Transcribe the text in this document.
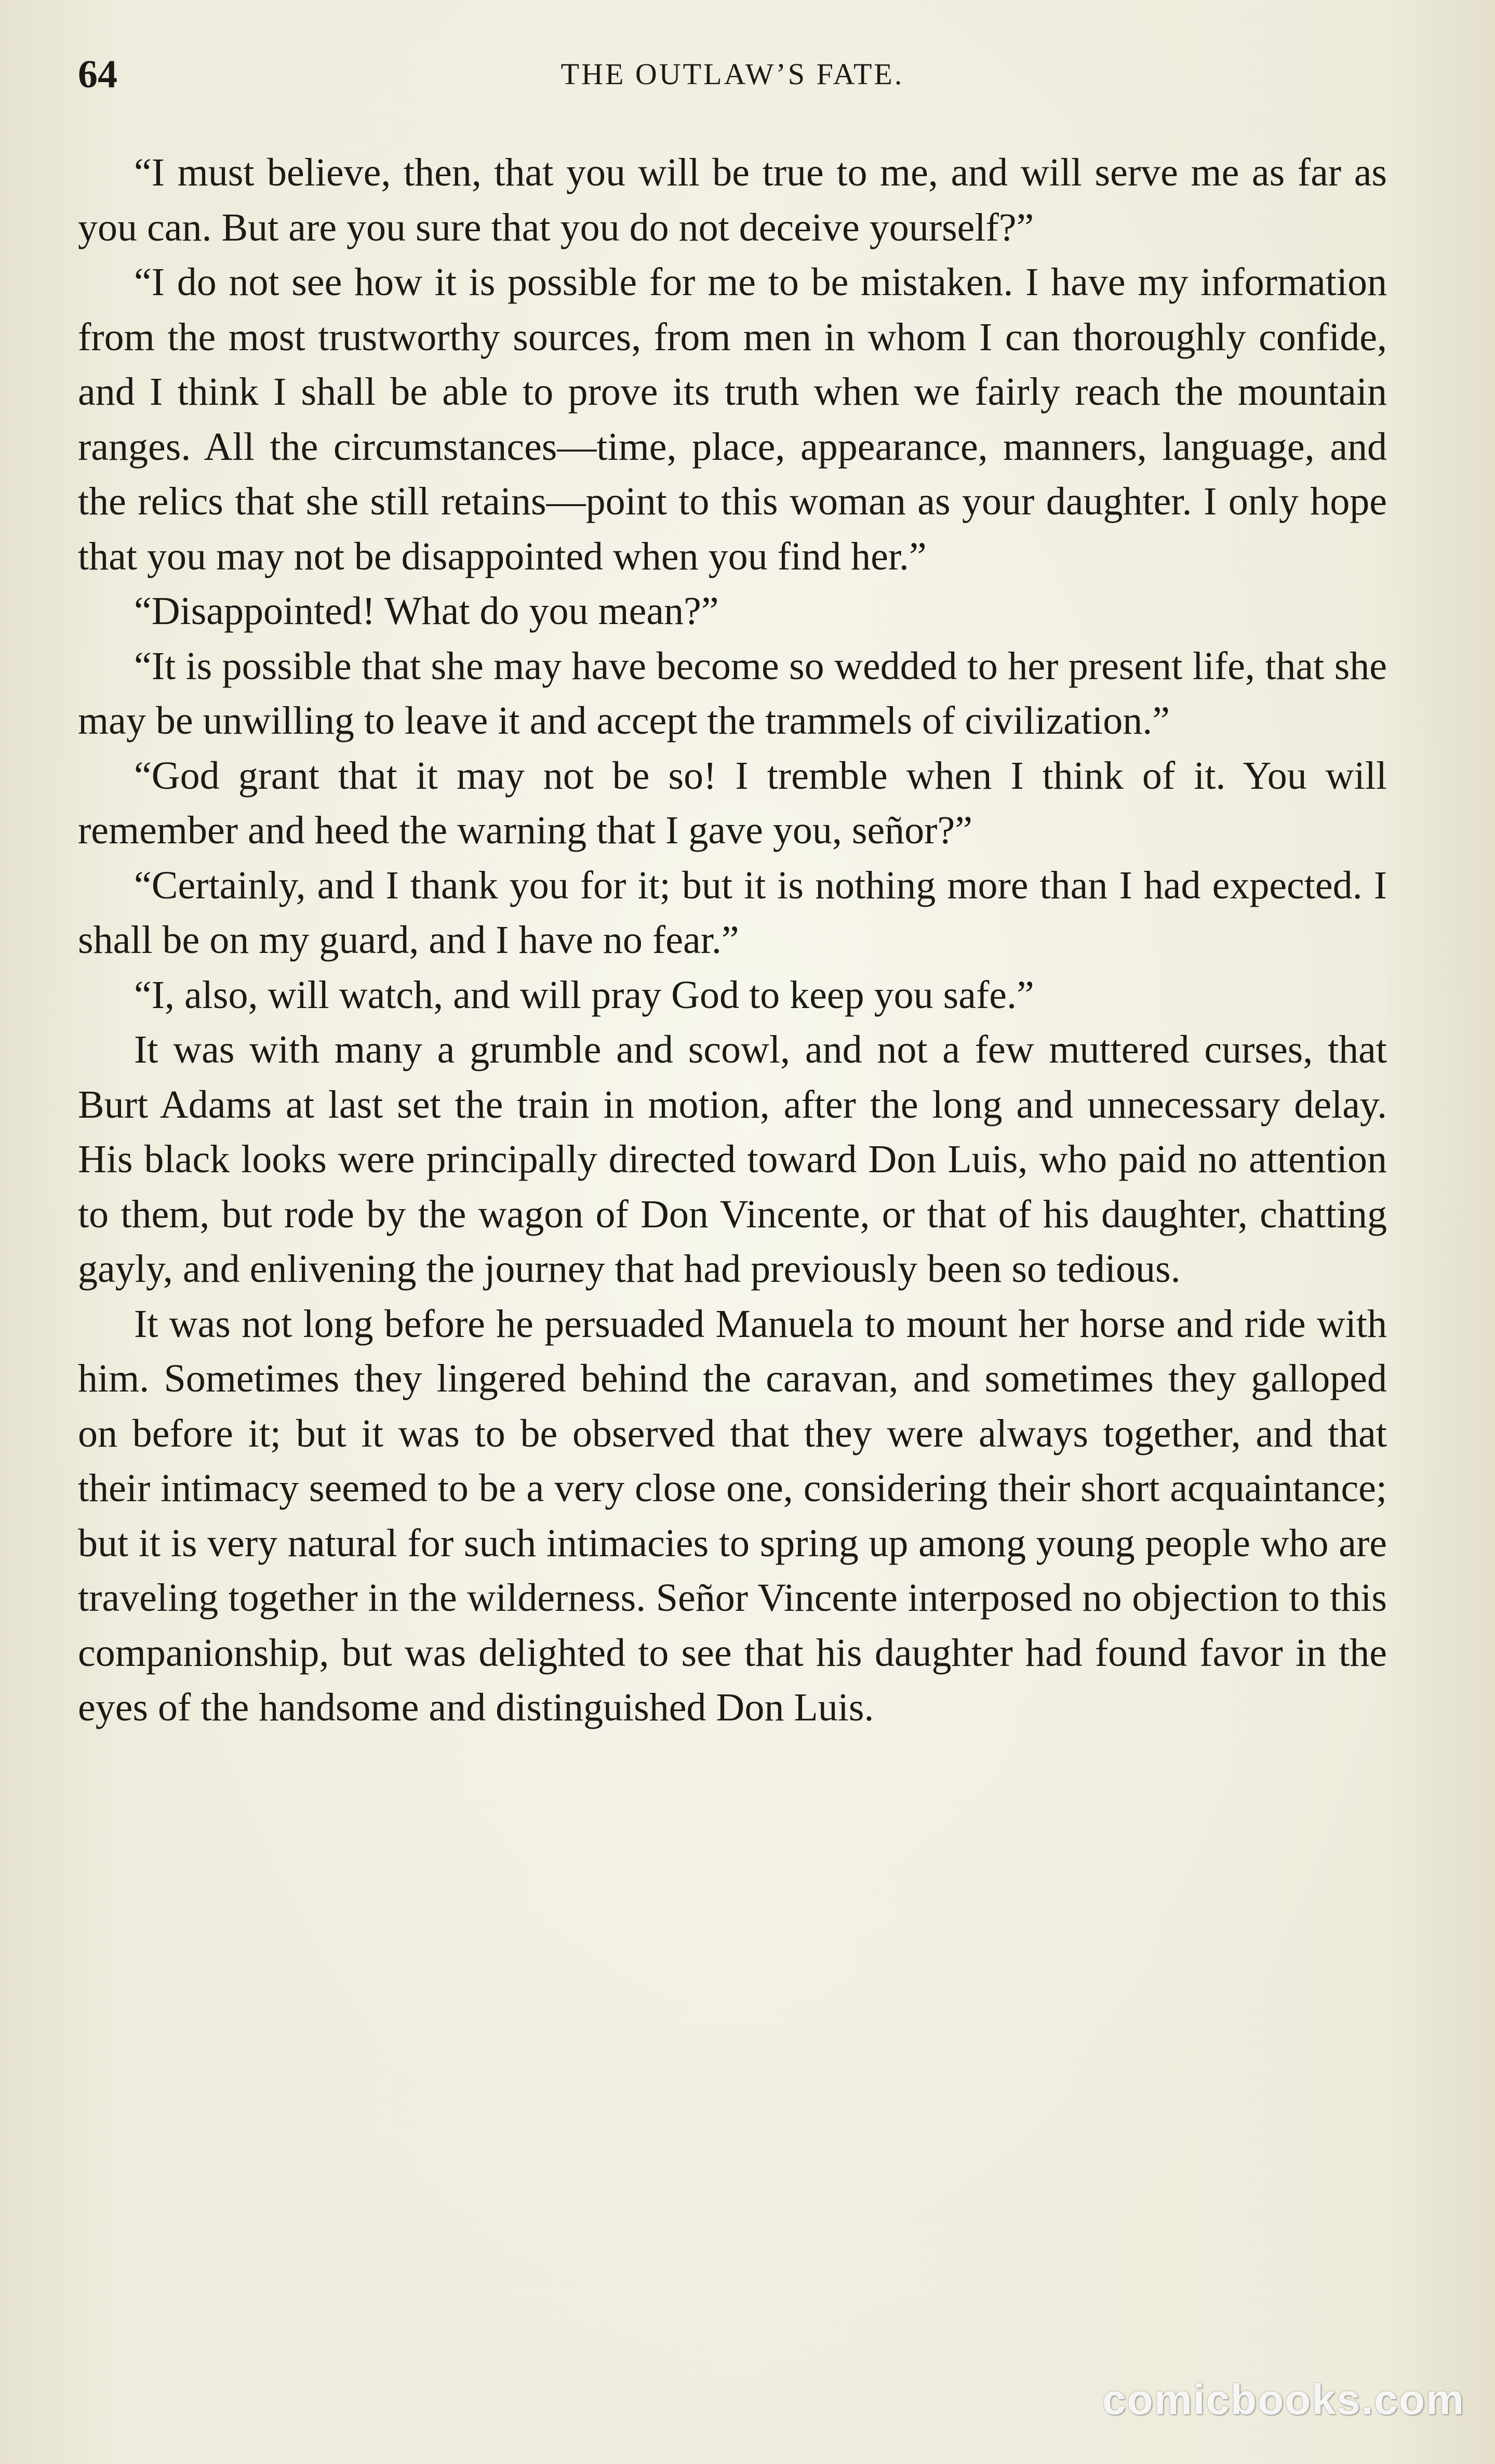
64	THE OUTLAW’S FATE.

“I must believe, then, that you will be true to me, and will serve me as far as you can. But are you sure that you do not deceive yourself?”

“I do not see how it is possible for me to be mistaken. I have my information from the most trustworthy sources, from men in whom I can thoroughly confide, and I think I shall be able to prove its truth when we fairly reach the mountain ranges. All the circumstances—time, place, appearance, manners, language, and the relics that she still retains—point to this woman as your daughter. I only hope that you may not be disappointed when you find her.”

“Disappointed! What do you mean?”

“It is possible that she may have become so wedded to her present life, that she may be unwilling to leave it and accept the trammels of civilization.”

“God grant that it may not be so! I tremble when I think of it. You will remember and heed the warning that I gave you, señor?”

“Certainly, and I thank you for it; but it is nothing more than I had expected. I shall be on my guard, and I have no fear.”

“I, also, will watch, and will pray God to keep you safe.”

It was with many a grumble and scowl, and not a few muttered curses, that Burt Adams at last set the train in motion, after the long and unnecessary delay. His black looks were principally directed toward Don Luis, who paid no attention to them, but rode by the wagon of Don Vincente, or that of his daughter, chatting gayly, and enlivening the journey that had previously been so tedious.

It was not long before he persuaded Manuela to mount her horse and ride with him. Sometimes they lingered behind the caravan, and sometimes they galloped on before it; but it was to be observed that they were always together, and that their intimacy seemed to be a very close one, considering their short acquaintance; but it is very natural for such intimacies to spring up among young people who are traveling together in the wilderness. Señor Vincente interposed no objection to this companionship, but was delighted to see that his daughter had found favor in the eyes of the handsome and distinguished Don Luis.

comicbooks.com
